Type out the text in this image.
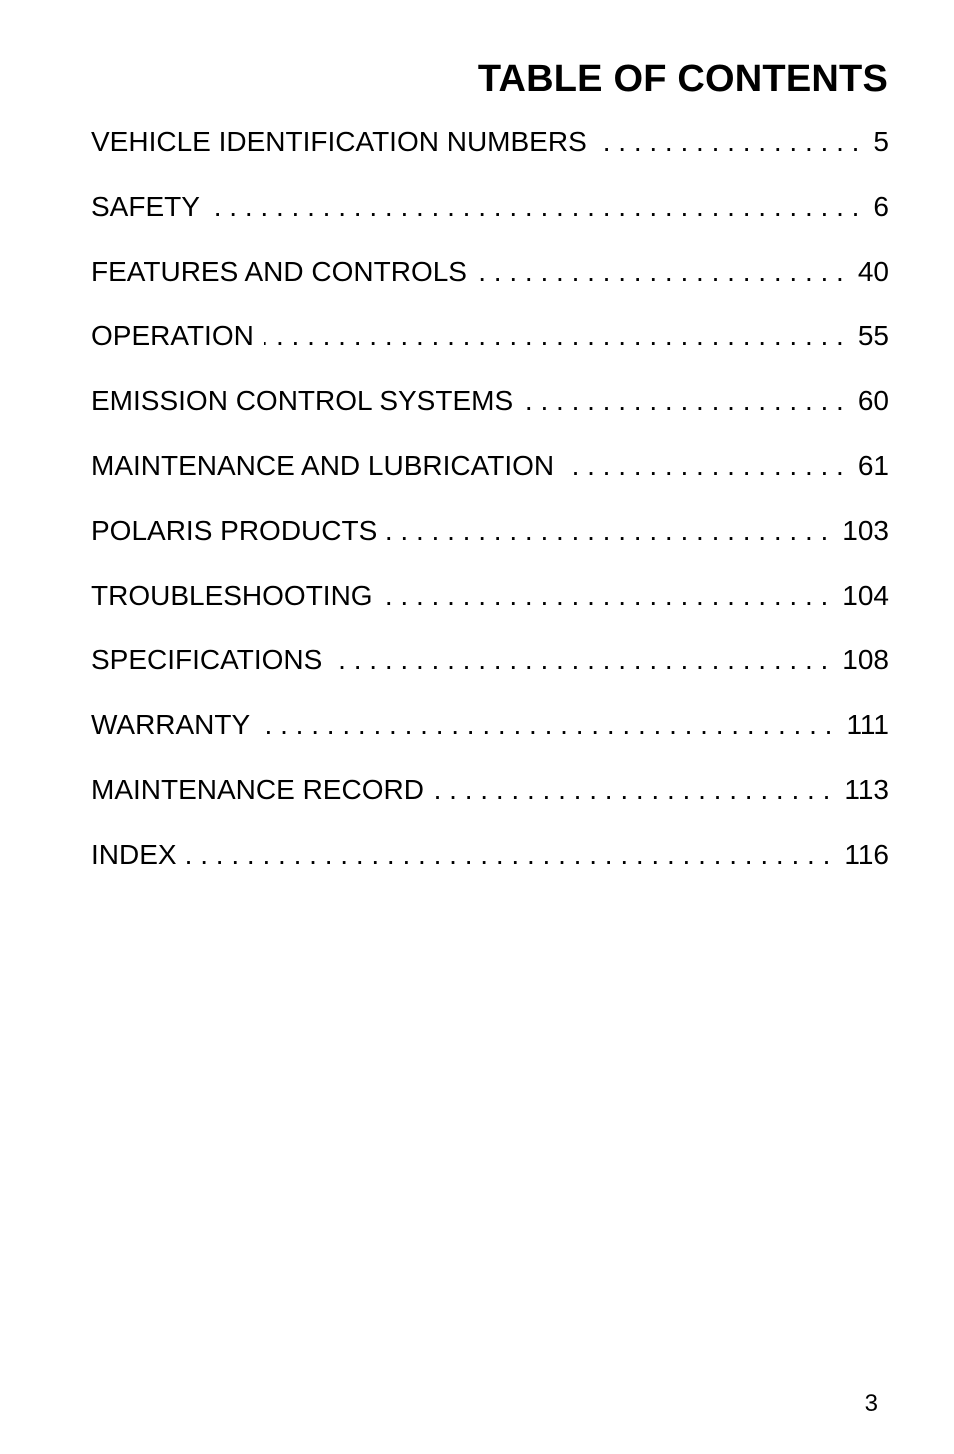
TABLE OF CONTENTS
VEHICLE IDENTIFICATION NUMBERS . . .	5
SAFETY . . .	6
FEATURES AND CONTROLS . . .	40
OPERATION . . .	55
EMISSION CONTROL SYSTEMS . . .	60
MAINTENANCE AND LUBRICATION . . .	61
POLARIS PRODUCTS . . .	103
TROUBLESHOOTING . . .	104
SPECIFICATIONS . . .	108
WARRANTY . . .	111
MAINTENANCE RECORD . . .	113
INDEX . . .	116
3
